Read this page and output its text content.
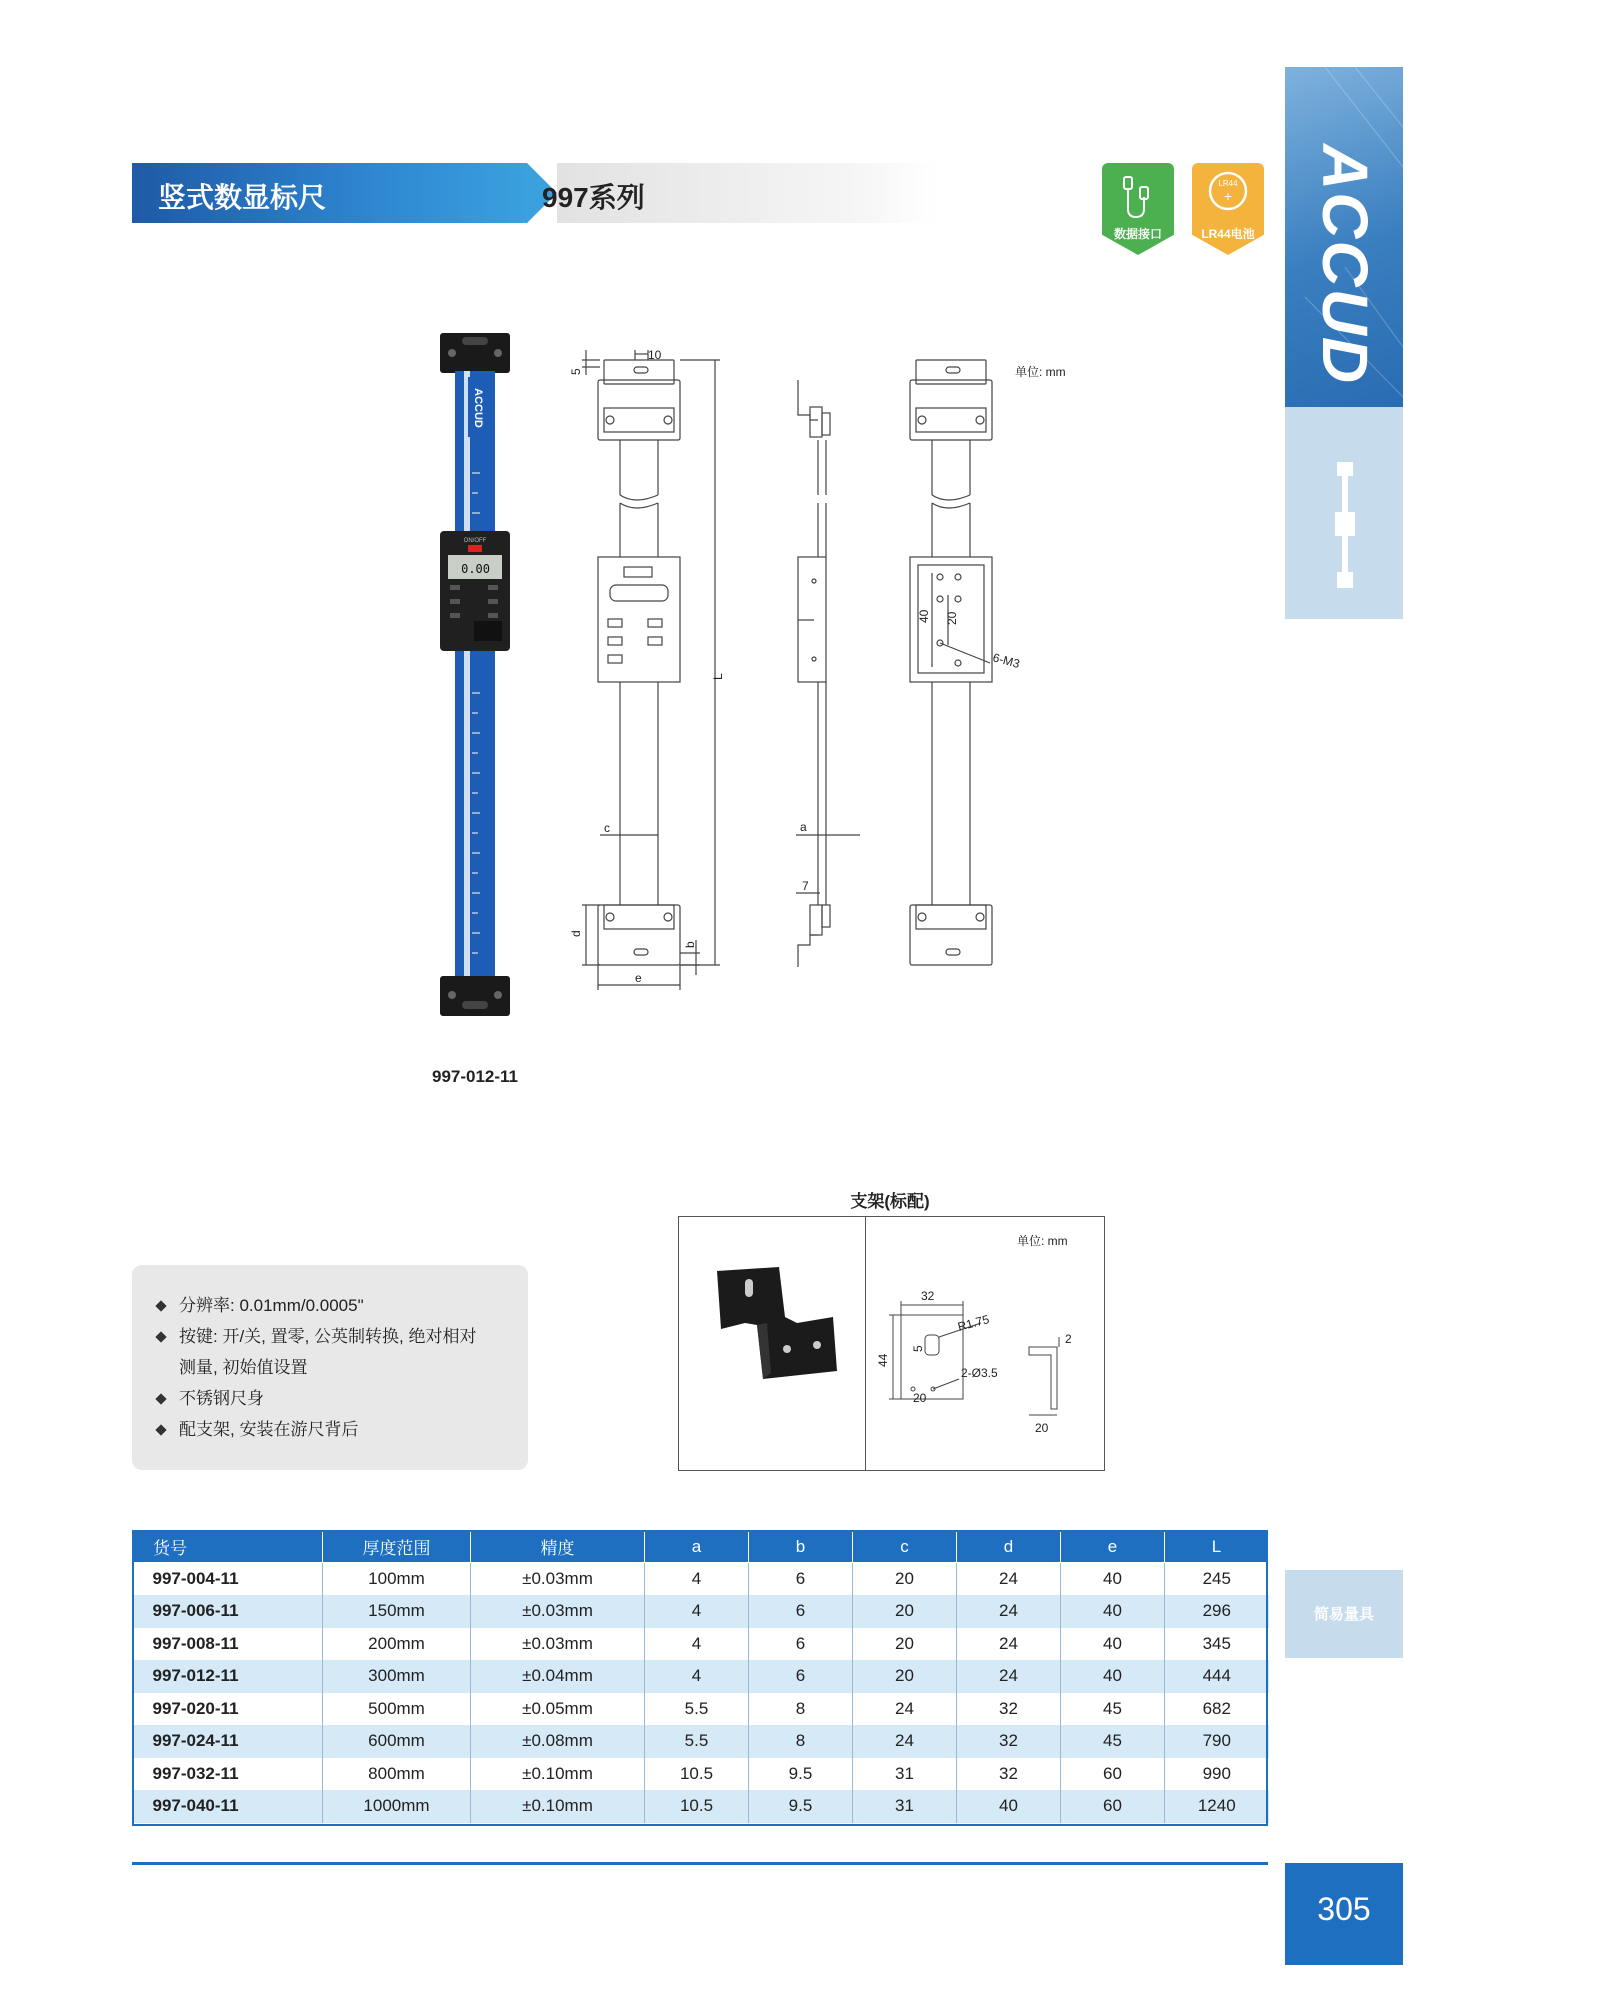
竖式数显标尺	997系列
数据接口
LR44
+
LR44电池 ACCUD
简易量具
ACCUD
ON/OFF
0.00
997-012-11
10
5
L
c
d
e
b
a
7
40 20
6-M3
单位: mm
分辨率: 0.01mm/0.0005"
按键: 开/关, 置零, 公英制转换, 绝对相对
测量, 初始值设置
不锈钢尺身
配支架, 安装在游尺背后
支架(标配)
单位: mm
32
R1.75
5
44
2-Ø3.5
20
2
20
货号	厚度范围	精度	a	b	c	d	e	L
997-004-11	100mm	±0.03mm	4	6	20	24	40	245
997-006-11	150mm	±0.03mm	4	6	20	24	40	296
997-008-11	200mm	±0.03mm	4	6	20	24	40	345
997-012-11	300mm	±0.04mm	4	6	20	24	40	444
997-020-11	500mm	±0.05mm	5.5	8	24	32	45	682
997-024-11	600mm	±0.08mm	5.5	8	24	32	45	790
997-032-11	800mm	±0.10mm	10.5	9.5	31	32	60	990
997-040-11	1000mm	±0.10mm	10.5	9.5	31	40	60	1240
305
